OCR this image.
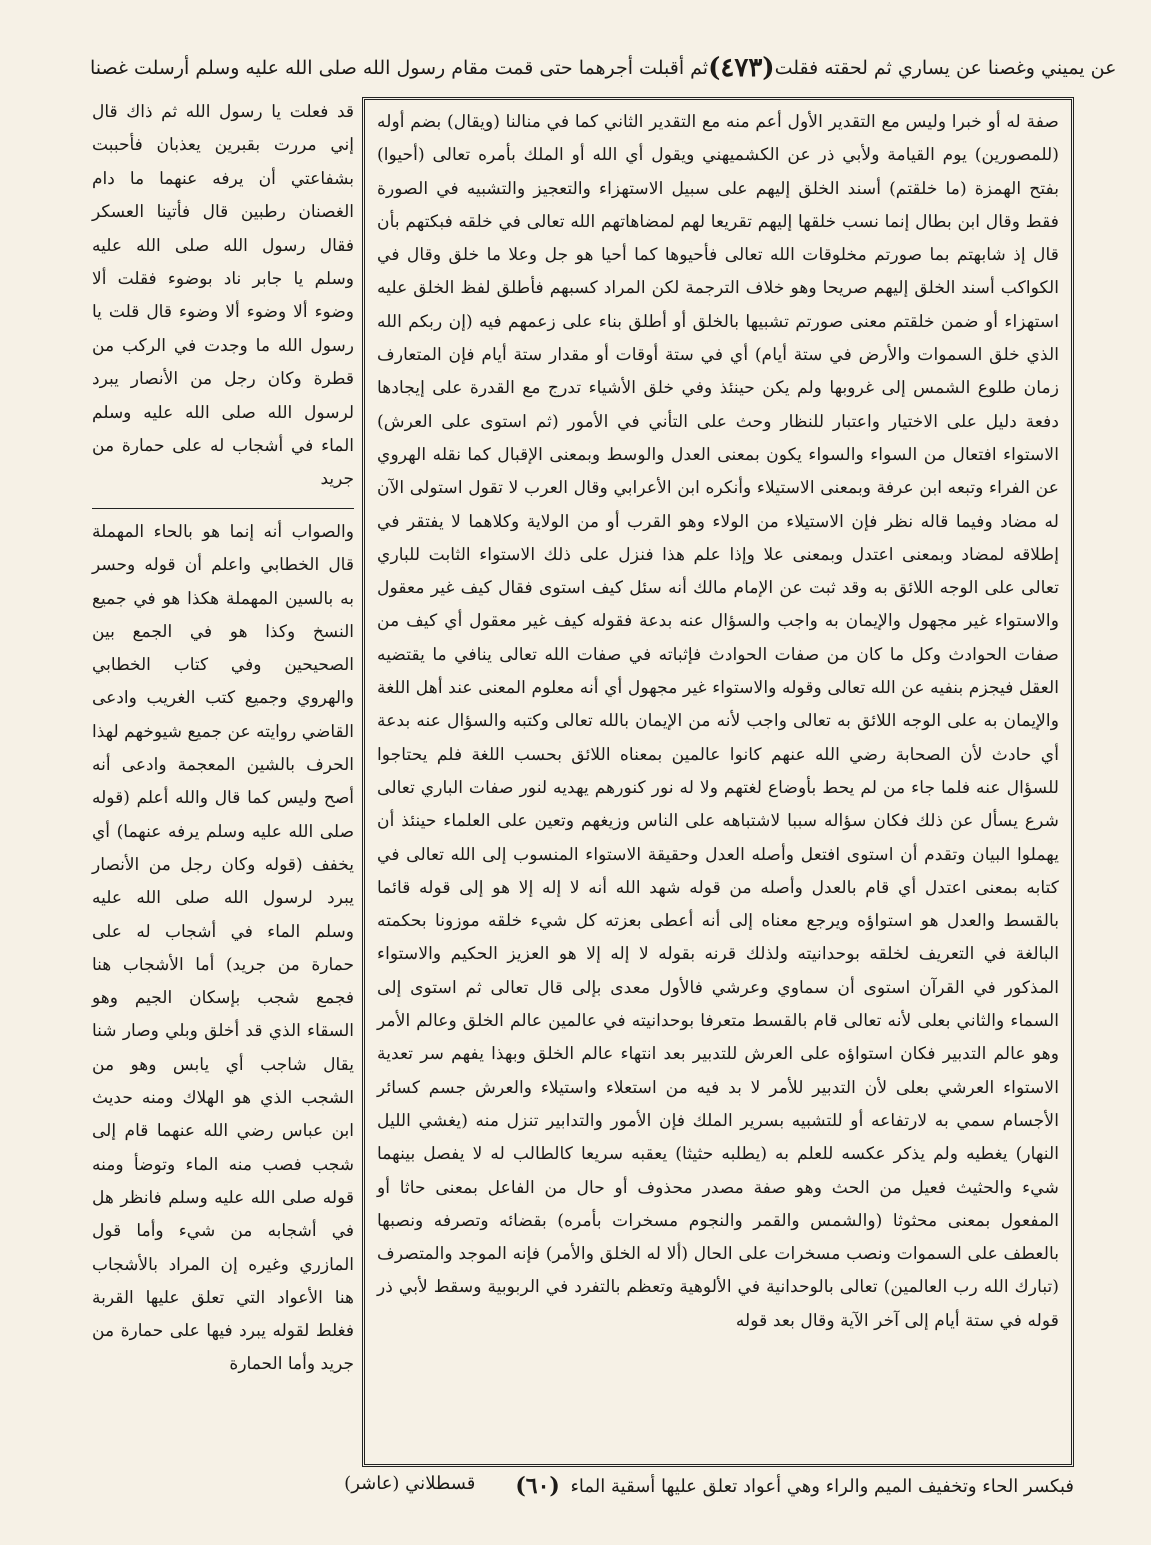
ثم أقبلت أجرهما حتى قمت مقام رسول الله صلى الله عليه وسلم أرسلت غصنا (٤٧٣) عن يميني وغصنا عن يساري ثم لحقته فقلت
صفة له أو خبرا وليس مع التقدير الأول أعم منه مع التقدير الثاني كما في منالنا (ويقال) بضم أوله (للمصورين) يوم القيامة ولأبي ذر عن الكشميهني ويقول أي الله أو الملك بأمره تعالى (أحيوا) بفتح الهمزة (ما خلقتم) أسند الخلق إليهم على سبيل الاستهزاء والتعجيز والتشبيه في الصورة فقط وقال ابن بطال إنما نسب خلقها إليهم تقريعا لهم لمضاهاتهم الله تعالى في خلقه فبكتهم بأن قال إذ شابهتم بما صورتم مخلوقات الله تعالى فأحيوها كما أحيا هو جل وعلا ما خلق وقال في الكواكب أسند الخلق إليهم صريحا وهو خلاف الترجمة لكن المراد كسبهم فأطلق لفظ الخلق عليه استهزاء أو ضمن خلقتم معنى صورتم تشبيها بالخلق أو أطلق بناء على زعمهم فيه (إن ربكم الله الذي خلق السموات والأرض في ستة أيام) أي في ستة أوقات أو مقدار ستة أيام فإن المتعارف زمان طلوع الشمس إلى غروبها ولم يكن حينئذ وفي خلق الأشياء تدرج مع القدرة على إيجادها دفعة دليل على الاختيار واعتبار للنظار وحث على التأني في الأمور (ثم استوى على العرش) الاستواء افتعال من السواء والسواء يكون بمعنى العدل والوسط وبمعنى الإقبال كما نقله الهروي عن الفراء وتبعه ابن عرفة وبمعنى الاستيلاء وأنكره ابن الأعرابي وقال العرب لا تقول استولى الآن له مضاد وفيما قاله نظر فإن الاستيلاء من الولاء وهو القرب أو من الولاية وكلاهما لا يفتقر في إطلاقه لمضاد وبمعنى اعتدل وبمعنى علا وإذا علم هذا فنزل على ذلك الاستواء الثابت للباري تعالى على الوجه اللائق به وقد ثبت عن الإمام مالك أنه سئل كيف استوى فقال كيف غير معقول والاستواء غير مجهول والإيمان به واجب والسؤال عنه بدعة فقوله كيف غير معقول أي كيف من صفات الحوادث وكل ما كان من صفات الحوادث فإثباته في صفات الله تعالى ينافي ما يقتضيه العقل فيجزم بنفيه عن الله تعالى وقوله والاستواء غير مجهول أي أنه معلوم المعنى عند أهل اللغة والإيمان به على الوجه اللائق به تعالى واجب لأنه من الإيمان بالله تعالى وكتبه والسؤال عنه بدعة أي حادث لأن الصحابة رضي الله عنهم كانوا عالمين بمعناه اللائق بحسب اللغة فلم يحتاجوا للسؤال عنه فلما جاء من لم يحط بأوضاع لغتهم ولا له نور كنورهم يهديه لنور صفات الباري تعالى شرع يسأل عن ذلك فكان سؤاله سببا لاشتباهه على الناس وزيغهم وتعين على العلماء حينئذ أن يهملوا البيان وتقدم أن استوى افتعل وأصله العدل وحقيقة الاستواء المنسوب إلى الله تعالى في كتابه بمعنى اعتدل أي قام بالعدل وأصله من قوله شهد الله أنه لا إله إلا هو إلى قوله قائما بالقسط والعدل هو استواؤه ويرجع معناه إلى أنه أعطى بعزته كل شيء خلقه موزونا بحكمته البالغة في التعريف لخلقه بوحدانيته ولذلك قرنه بقوله لا إله إلا هو العزيز الحكيم والاستواء المذكور في القرآن استوى أن سماوي وعرشي فالأول معدى بإلى قال تعالى ثم استوى إلى السماء والثاني بعلى لأنه تعالى قام بالقسط متعرفا بوحدانيته في عالمين عالم الخلق وعالم الأمر وهو عالم التدبير فكان استواؤه على العرش للتدبير بعد انتهاء عالم الخلق وبهذا يفهم سر تعدية الاستواء العرشي بعلى لأن التدبير للأمر لا بد فيه من استعلاء واستيلاء والعرش جسم كسائر الأجسام سمي به لارتفاعه أو للتشبيه بسرير الملك فإن الأمور والتدابير تنزل منه (يغشي الليل النهار) يغطيه ولم يذكر عكسه للعلم به (يطلبه حثيثا) يعقبه سريعا كالطالب له لا يفصل بينهما شيء والحثيث فعيل من الحث وهو صفة مصدر محذوف أو حال من الفاعل بمعنى حاثا أو المفعول بمعنى محثوثا (والشمس والقمر والنجوم مسخرات بأمره) بقضائه وتصرفه ونصبها بالعطف على السموات ونصب مسخرات على الحال (ألا له الخلق والأمر) فإنه الموجد والمتصرف (تبارك الله رب العالمين) تعالى بالوحدانية في الألوهية وتعظم بالتفرد في الربوبية وسقط لأبي ذر قوله في ستة أيام إلى آخر الآية وقال بعد قوله
قد فعلت يا رسول الله ثم ذاك قال إني مررت بقبرين يعذبان فأحببت بشفاعتي أن يرفه عنهما ما دام الغصنان رطبين قال فأتينا العسكر فقال رسول الله صلى الله عليه وسلم يا جابر ناد بوضوء فقلت ألا وضوء ألا وضوء ألا وضوء قال قلت يا رسول الله ما وجدت في الركب من قطرة وكان رجل من الأنصار يبرد لرسول الله صلى الله عليه وسلم الماء في أشجاب له على حمارة من جريد
والصواب أنه إنما هو بالحاء المهملة قال الخطابي واعلم أن قوله وحسر به بالسين المهملة هكذا هو في جميع النسخ وكذا هو في الجمع بين الصحيحين وفي كتاب الخطابي والهروي وجميع كتب الغريب وادعى القاضي روايته عن جميع شيوخهم لهذا الحرف بالشين المعجمة وادعى أنه أصح وليس كما قال والله أعلم (قوله صلى الله عليه وسلم يرفه عنهما) أي يخفف (قوله وكان رجل من الأنصار يبرد لرسول الله صلى الله عليه وسلم الماء في أشجاب له على حمارة من جريد) أما الأشجاب هنا فجمع شجب بإسكان الجيم وهو السقاء الذي قد أخلق وبلي وصار شنا يقال شاجب أي يابس وهو من الشجب الذي هو الهلاك ومنه حديث ابن عباس رضي الله عنهما قام إلى شجب فصب منه الماء وتوضأ ومنه قوله صلى الله عليه وسلم فانظر هل في أشجابه من شيء وأما قول المازري وغيره إن المراد بالأشجاب هنا الأعواد التي تعلق عليها القربة فغلط لقوله يبرد فيها على حمارة من جريد وأما الحمارة
(٦٠)
قسطلاني (عاشر)	فبكسر الحاء وتخفيف الميم والراء وهي أعواد تعلق عليها أسقية الماء
